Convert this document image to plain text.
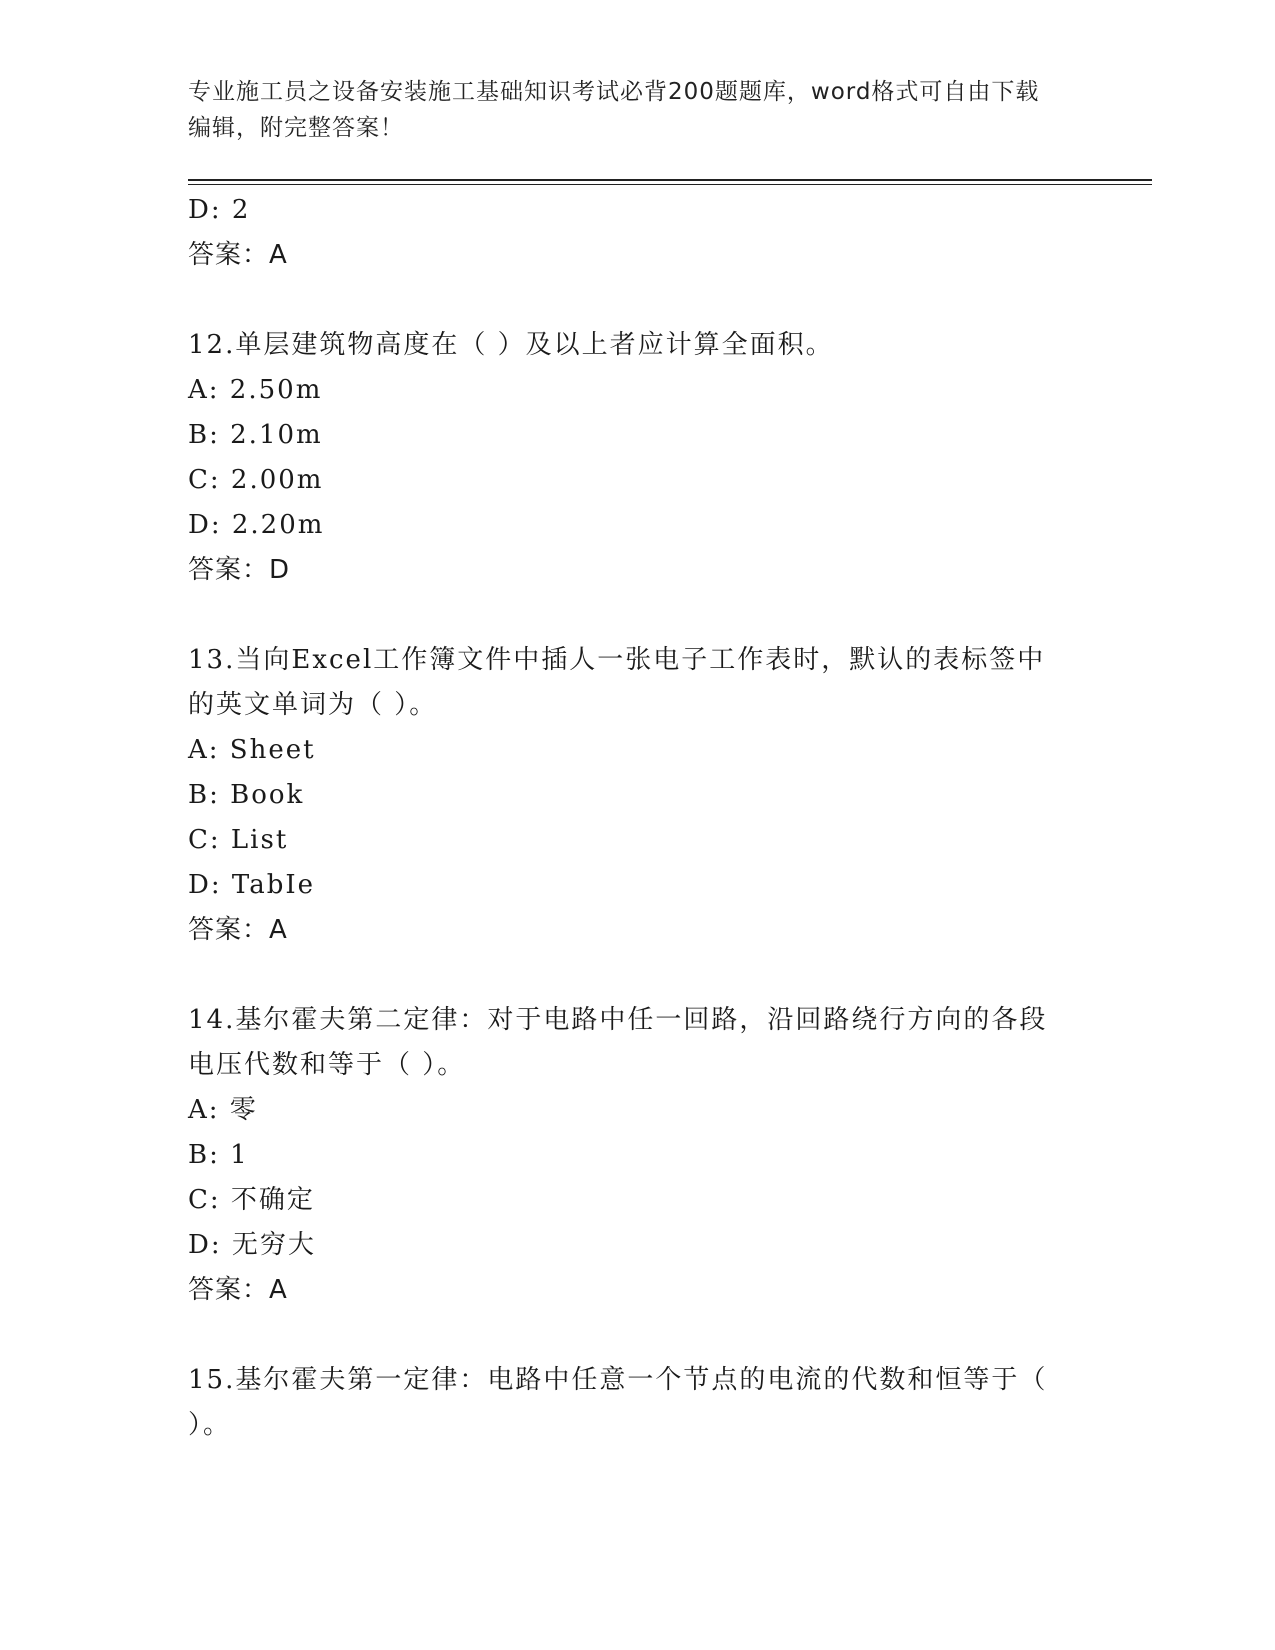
专业施工员之设备安装施工基础知识考试必背200题题库，word格式可自由下载
编辑，附完整答案！
D: 2
答案：A
12.单层建筑物高度在（ ）及以上者应计算全面积。
A: 2.50m
B: 2.10m
C: 2.00m
D: 2.20m
答案：D
13.当向Excel工作簿文件中插人一张电子工作表时，默认的表标签中
的英文单词为（ ）。
A: Sheet
B: Book
C: List
D: TabIe
答案：A
14.基尔霍夫第二定律：对于电路中任一回路，沿回路绕行方向的各段
电压代数和等于（ ）。
A: 零
B: 1
C: 不确定
D: 无穷大
答案：A
15.基尔霍夫第一定律：电路中任意一个节点的电流的代数和恒等于（
）。
